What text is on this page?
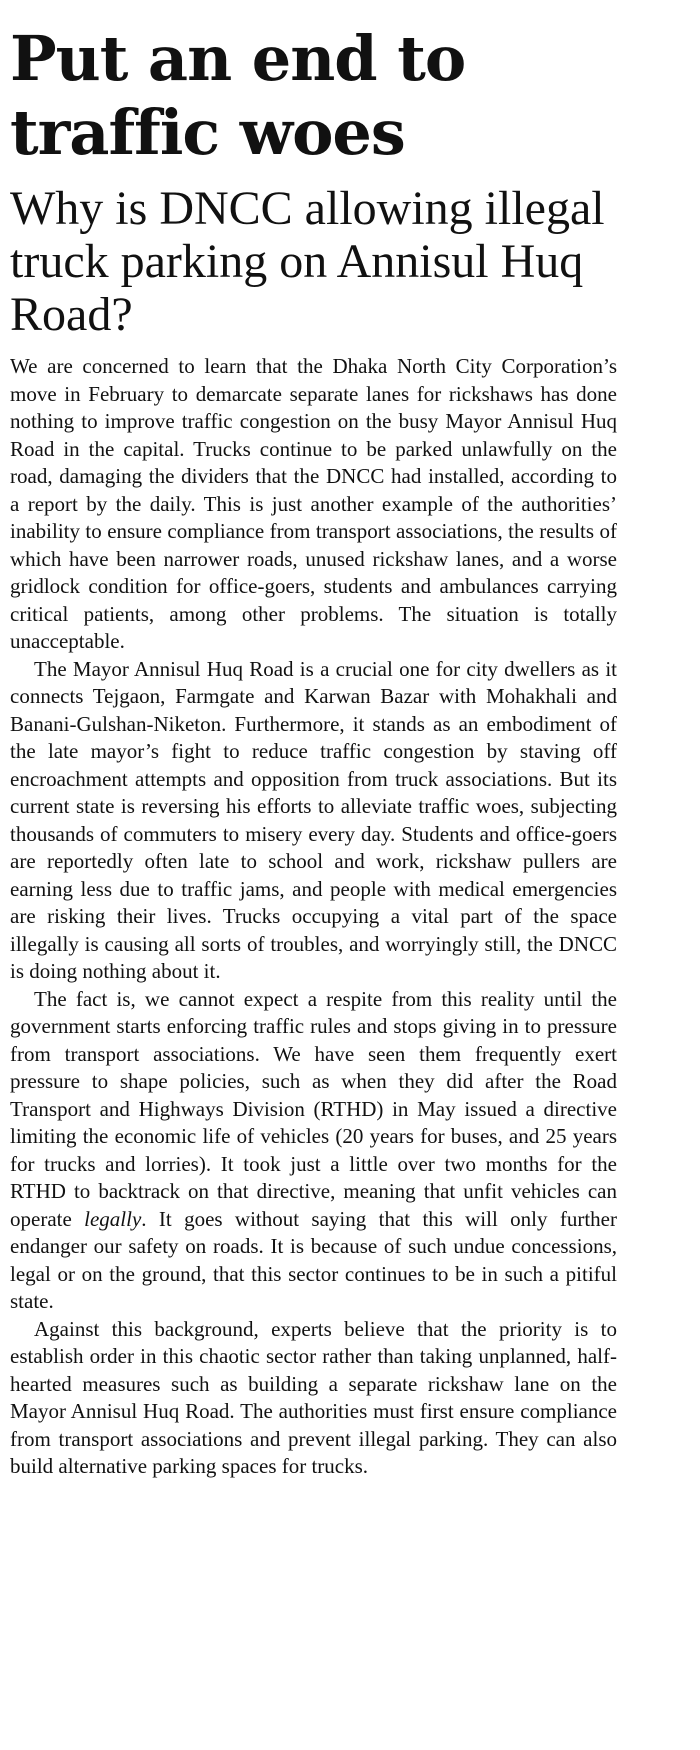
Put an end to traffic woes
Why is DNCC allowing illegal truck parking on Annisul Huq Road?

We are concerned to learn that the Dhaka North City Corporation’s move in February to demarcate separate lanes for rickshaws has done nothing to improve traffic congestion on the busy Mayor Annisul Huq Road in the capital. Trucks continue to be parked unlawfully on the road, damaging the dividers that the DNCC had installed, according to a report by the daily. This is just another example of the authorities’ inability to ensure compliance from transport associations, the results of which have been narrower roads, unused rickshaw lanes, and a worse gridlock condition for office-goers, students and ambulances carrying critical patients, among other problems. The situation is totally unacceptable.

The Mayor Annisul Huq Road is a crucial one for city dwellers as it connects Tejgaon, Farmgate and Karwan Bazar with Mohakhali and Banani-Gulshan-Niketon. Furthermore, it stands as an embodiment of the late mayor’s fight to reduce traffic congestion by staving off encroachment attempts and opposition from truck associations. But its current state is reversing his efforts to alleviate traffic woes, subjecting thousands of commuters to misery every day. Students and office-goers are reportedly often late to school and work, rickshaw pullers are earning less due to traffic jams, and people with medical emergencies are risking their lives. Trucks occupying a vital part of the space illegally is causing all sorts of troubles, and worryingly still, the DNCC is doing nothing about it.

The fact is, we cannot expect a respite from this reality until the government starts enforcing traffic rules and stops giving in to pressure from transport associations. We have seen them frequently exert pressure to shape policies, such as when they did after the Road Transport and Highways Division (RTHD) in May issued a directive limiting the economic life of vehicles (20 years for buses, and 25 years for trucks and lorries). It took just a little over two months for the RTHD to backtrack on that directive, meaning that unfit vehicles can operate legally. It goes without saying that this will only further endanger our safety on roads. It is because of such undue concessions, legal or on the ground, that this sector continues to be in such a pitiful state.

Against this background, experts believe that the priority is to establish order in this chaotic sector rather than taking unplanned, half-hearted measures such as building a separate rickshaw lane on the Mayor Annisul Huq Road. The authorities must first ensure compliance from transport associations and prevent illegal parking. They can also build alternative parking spaces for trucks.
